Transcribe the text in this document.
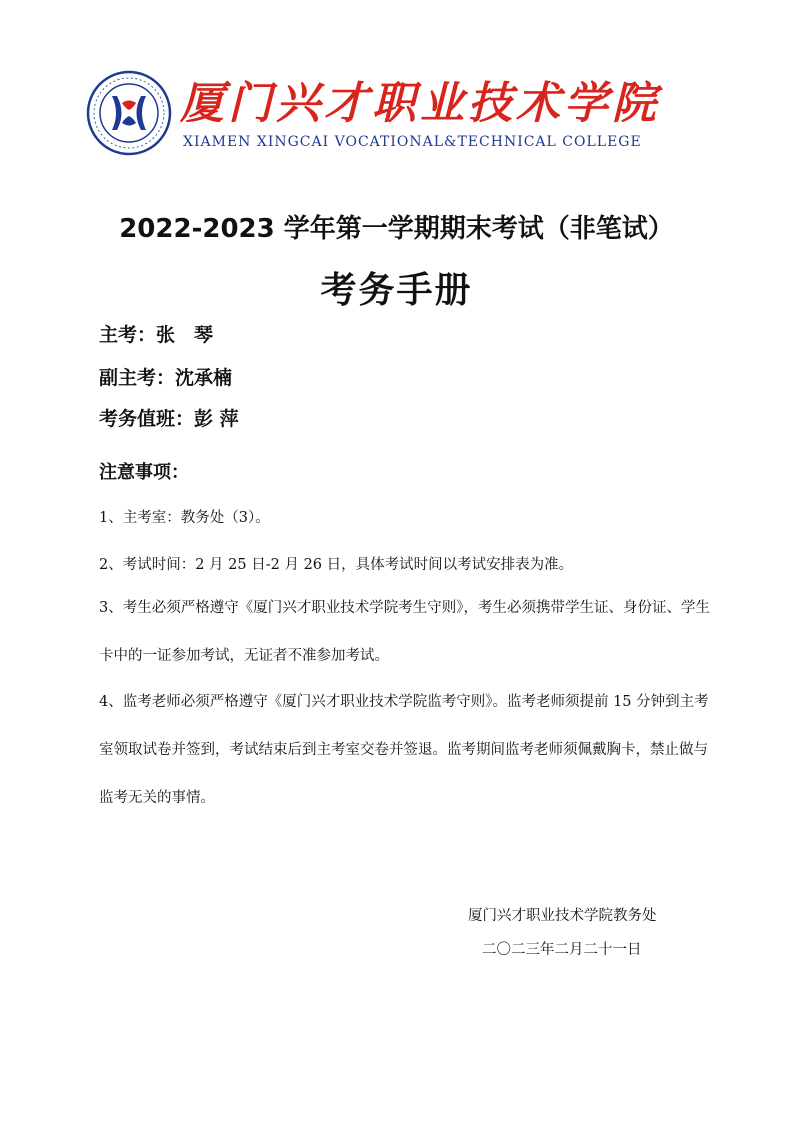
厦门兴才职业技术学院
XIAMEN XINGCAI VOCATIONAL&TECHNICAL COLLEGE
2022-2023 学年第一学期期末考试（非笔试）
考务手册
主考：张　琴
副主考：沈承楠
考务值班：彭 萍
注意事项：
1、主考室：教务处（3）。
2、考试时间：2 月 25 日-2 月 26 日，具体考试时间以考试安排表为准。
3、考生必须严格遵守《厦门兴才职业技术学院考生守则》，考生必须携带学生证、身份证、学生卡中的一证参加考试，无证者不准参加考试。
4、监考老师必须严格遵守《厦门兴才职业技术学院监考守则》。监考老师须提前 15 分钟到主考室领取试卷并签到，考试结束后到主考室交卷并签退。监考期间监考老师须佩戴胸卡，禁止做与监考无关的事情。
厦门兴才职业技术学院教务处
二〇二三年二月二十一日
